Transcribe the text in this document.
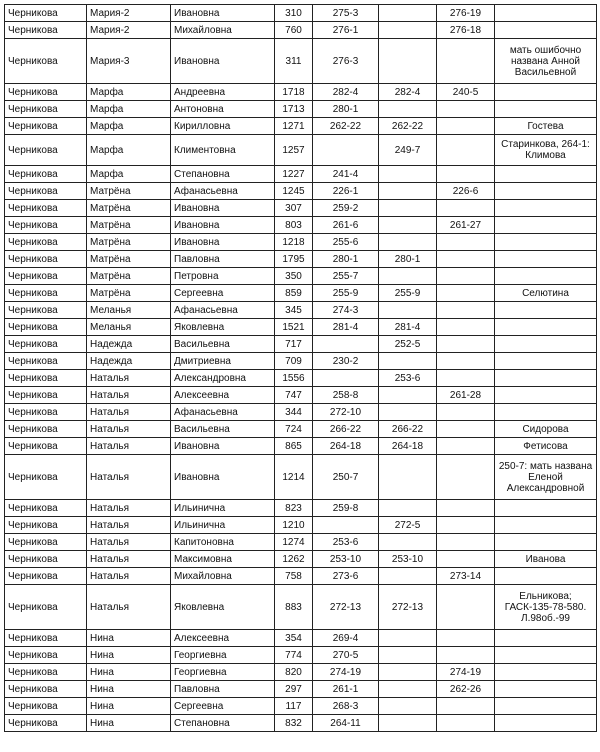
Черникова	Мария-2	Ивановна	310	275-3		276-19	
Черникова	Мария-2	Михайловна	760	276-1		276-18	
Черникова	Мария-3	Ивановна	311	276-3			мать ошибочно названа Анной Васильевной
Черникова	Марфа	Андреевна	1718	282-4	282-4	240-5	
Черникова	Марфа	Антоновна	1713	280-1			
Черникова	Марфа	Кирилловна	1271	262-22	262-22		Гостева
Черникова	Марфа	Климентовна	1257		249-7		Старинкова, 264-1: Климова
Черникова	Марфа	Степановна	1227	241-4			
Черникова	Матрёна	Афанасьевна	1245	226-1		226-6	
Черникова	Матрёна	Ивановна	307	259-2			
Черникова	Матрёна	Ивановна	803	261-6		261-27	
Черникова	Матрёна	Ивановна	1218	255-6			
Черникова	Матрёна	Павловна	1795	280-1	280-1		
Черникова	Матрёна	Петровна	350	255-7			
Черникова	Матрёна	Сергеевна	859	255-9	255-9		Селютина
Черникова	Меланья	Афанасьевна	345	274-3			
Черникова	Меланья	Яковлевна	1521	281-4	281-4		
Черникова	Надежда	Васильевна	717		252-5		
Черникова	Надежда	Дмитриевна	709	230-2			
Черникова	Наталья	Александровна	1556		253-6		
Черникова	Наталья	Алексеевна	747	258-8		261-28	
Черникова	Наталья	Афанасьевна	344	272-10			
Черникова	Наталья	Васильевна	724	266-22	266-22		Сидорова
Черникова	Наталья	Ивановна	865	264-18	264-18		Фетисова
Черникова	Наталья	Ивановна	1214	250-7			250-7: мать названа Еленой Александровной
Черникова	Наталья	Ильинична	823	259-8			
Черникова	Наталья	Ильинична	1210		272-5		
Черникова	Наталья	Капитоновна	1274	253-6			
Черникова	Наталья	Максимовна	1262	253-10	253-10		Иванова
Черникова	Наталья	Михайловна	758	273-6		273-14	
Черникова	Наталья	Яковлевна	883	272-13	272-13		Ельникова; ГАСК-135-78-580. Л.98об.-99
Черникова	Нина	Алексеевна	354	269-4			
Черникова	Нина	Георгиевна	774	270-5			
Черникова	Нина	Георгиевна	820	274-19		274-19	
Черникова	Нина	Павловна	297	261-1		262-26	
Черникова	Нина	Сергеевна	117	268-3			
Черникова	Нина	Степановна	832	264-11			
